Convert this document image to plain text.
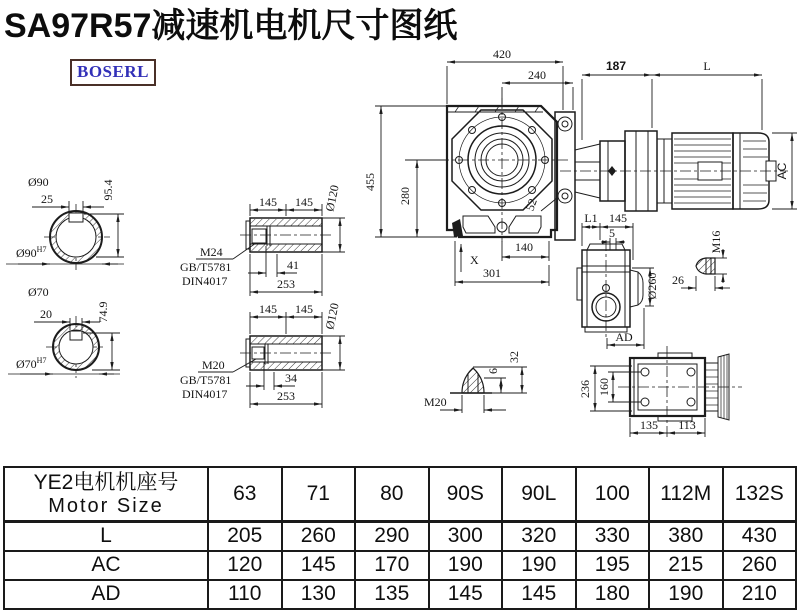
SA97R57减速机电机尺寸图纸
BOSERL
Ø90
25	95.4
$Ø90^{H7}$
Ø70
20	74.9
$Ø70^{H7}$
145 145 Ø120
41
253
M24
GB/T5781
DIN4017
145 145 Ø120
34
253
M20
GB/T5781
DIN4017
420
240
187	L
455
280	52
X
140
301
AC
L1 145
5
Ø260
AD
M16
26
6
32
M20
236 160
135 113
YE2电机机座号
Motor Size	63	71	80	90S	90L	100	112M	132S
L	205	260	290	300	320	330	380	430
AC	120	145	170	190	190	195	215	260
AD	110	130	135	145	145	180	190	210
